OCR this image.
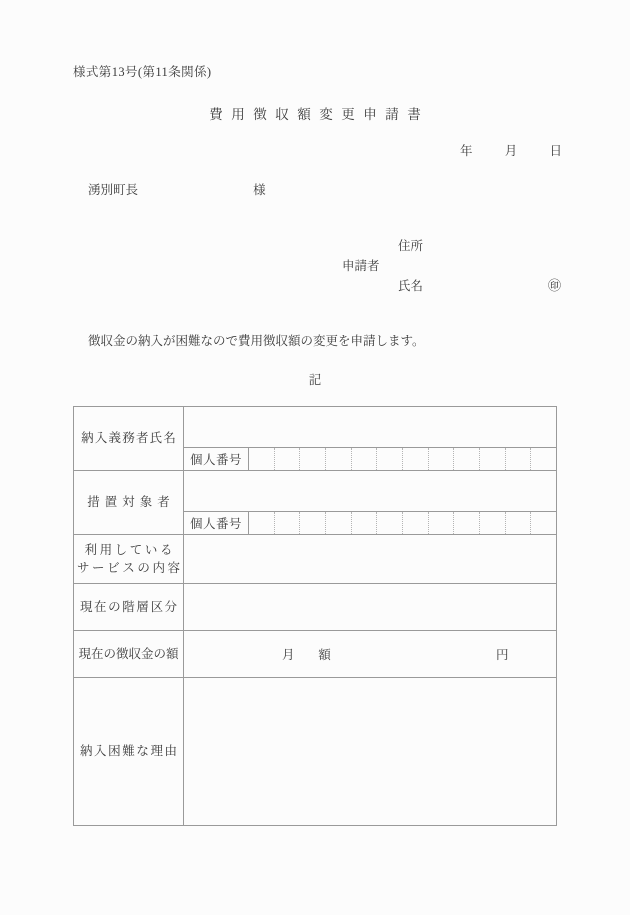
様式第13号(第11条関係)
費用徴収額変更申請書
年	月	日
湧別町長	様
住所
申請者
氏名	㊞
徴収金の納入が困難なので費用徴収額の変更を申請します。
記
納入義務者氏名		
	個人番号	

措置対象者		
	個人番号	

利用している
サービスの内容		

現在の階層区分		
現在の徴収金の額	月 額 円	

納入困難な理由		
